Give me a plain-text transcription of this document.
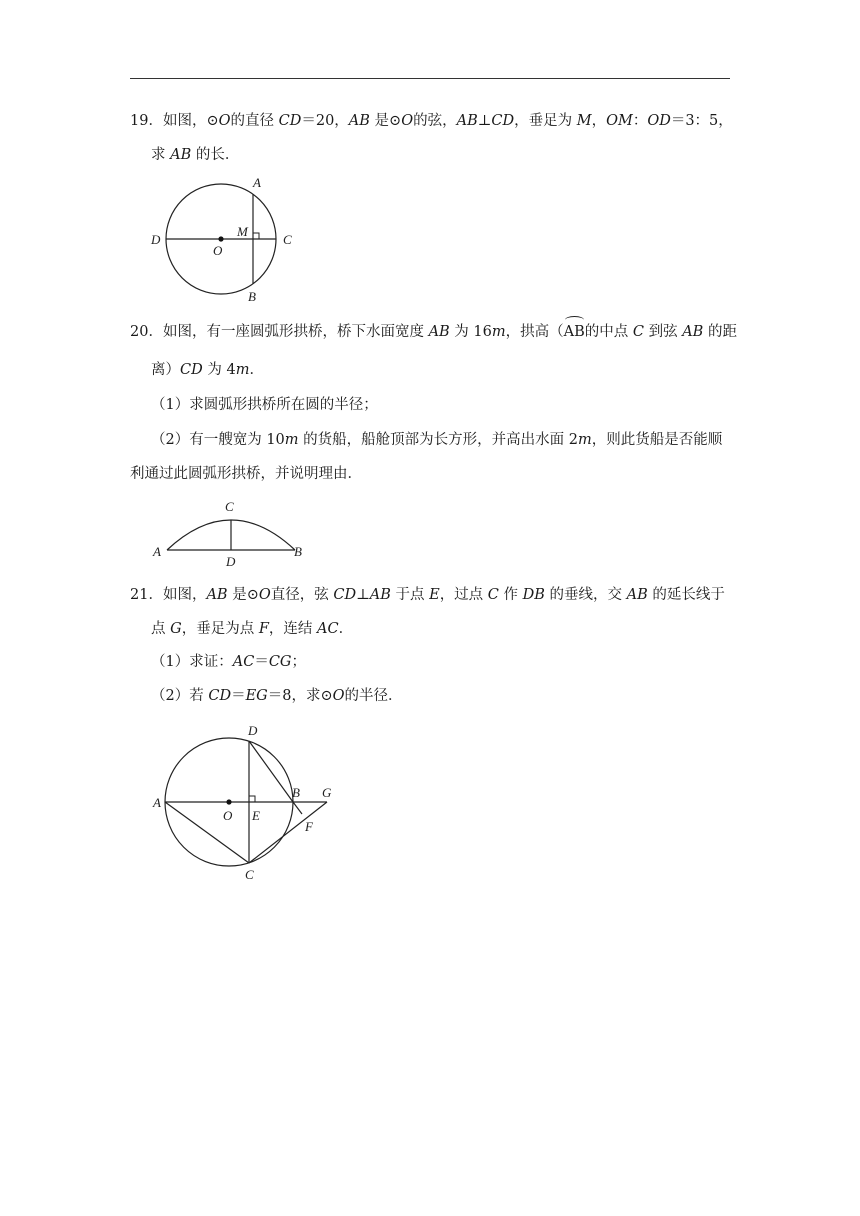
19．如图，⊙O的直径 CD＝20，AB 是⊙O的弦，AB⊥CD，垂足为 M，OM：OD＝3：5，
求 AB 的长．
A
B
C
D
O
M
20．如图，有一座圆弧形拱桥，桥下水面宽度 AB 为 16m，拱高（AB的中点 C 到弦 AB 的距
离）CD 为 4m．
（1）求圆弧形拱桥所在圆的半径；
（2）有一艘宽为 10m 的货船，船舱顶部为长方形，并高出水面 2m，则此货船是否能顺
利通过此圆弧形拱桥，并说明理由．
C
D
A	B
21．如图，AB 是⊙O直径，弦 CD⊥AB 于点 E，过点 C 作 DB 的垂线，交 AB 的延长线于
点 G，垂足为点 F，连结 AC．
（1）求证：AC＝CG；
（2）若 CD＝EG＝8，求⊙O的半径．
D
A
O E
B G
F
C
